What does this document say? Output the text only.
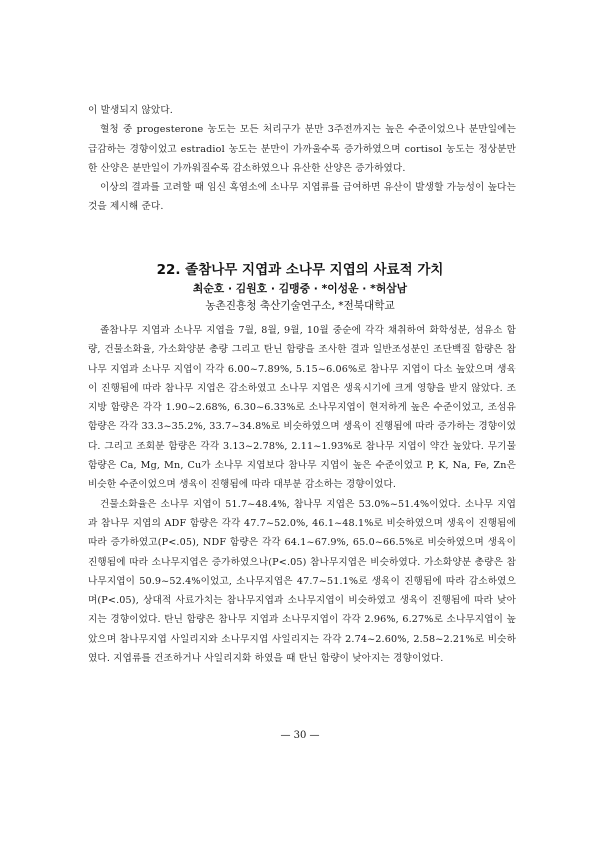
이 발생되지 않았다.

혈청 중 progesterone 농도는 모든 처리구가 분만 3주전까지는 높은 수준이었으나 분만일에는 급감하는 경향이었고 estradiol 농도는 분만이 가까울수록 증가하였으며 cortisol 농도는 정상분만한 산양은 분만일이 가까워질수록 감소하였으나 유산한 산양은 증가하였다.

이상의 결과를 고려할 때 임신 흑염소에 소나무 지엽류를 급여하면 유산이 발생할 가능성이 높다는 것을 제시해 준다.

22. 졸참나무 지엽과 소나무 지엽의 사료적 가치
최순호 · 김원호 · 김맹중 · *이성운 · *허삼남
농촌진흥청 축산기술연구소, *전북대학교

졸참나무 지엽과 소나무 지엽을 7월, 8월, 9월, 10월 중순에 각각 채취하여 화학성분, 섬유소 함량, 건물소화율, 가소화양분 총량 그리고 탄닌 함량을 조사한 결과 일반조성분인 조단백질 함량은 참나무 지엽과 소나무 지엽이 각각 6.00~7.89%, 5.15~6.06%로 참나무 지엽이 다소 높았으며 생육이 진행됨에 따라 참나무 지엽은 감소하였고 소나무 지엽은 생육시기에 크게 영향을 받지 않았다. 조지방 함량은 각각 1.90~2.68%, 6.30~6.33%로 소나무지엽이 현저하게 높은 수준이었고, 조섬유 함량은 각각 33.3~35.2%, 33.7~34.8%로 비슷하였으며 생육이 진행됨에 따라 증가하는 경향이었다. 그리고 조회분 함량은 각각 3.13~2.78%, 2.11~1.93%로 참나무 지엽이 약간 높았다. 무기물 함량은 Ca, Mg, Mn, Cu가 소나무 지엽보다 참나무 지엽이 높은 수준이었고 P, K, Na, Fe, Zn은 비슷한 수준이었으며 생육이 진행됨에 따라 대부분 감소하는 경향이었다.

건물소화율은 소나무 지엽이 51.7~48.4%, 참나무 지엽은 53.0%~51.4%이었다. 소나무 지엽과 참나무 지엽의 ADF 함량은 각각 47.7~52.0%, 46.1~48.1%로 비슷하였으며 생육이 진행됨에 따라 증가하였고(P<.05), NDF 함량은 각각 64.1~67.9%, 65.0~66.5%로 비슷하였으며 생육이 진행됨에 따라 소나무지엽은 증가하였으나(P<.05) 참나무지엽은 비슷하였다. 가소화양분 총량은 참나무지엽이 50.9~52.4%이었고, 소나무지엽은 47.7~51.1%로 생육이 진행됨에 따라 감소하였으며(P<.05), 상대적 사료가치는 참나무지엽과 소나무지엽이 비슷하였고 생육이 진행됨에 따라 낮아지는 경향이었다. 탄닌 함량은 참나무 지엽과 소나무지엽이 각각 2.96%, 6.27%로 소나무지엽이 높았으며 참나무지엽 사일리지와 소나무지엽 사일리지는 각각 2.74~2.60%, 2.58~2.21%로 비슷하였다. 지엽류를 건조하거나 사일리지화 하였을 때 탄닌 함량이 낮아지는 경향이었다.

— 30 —
